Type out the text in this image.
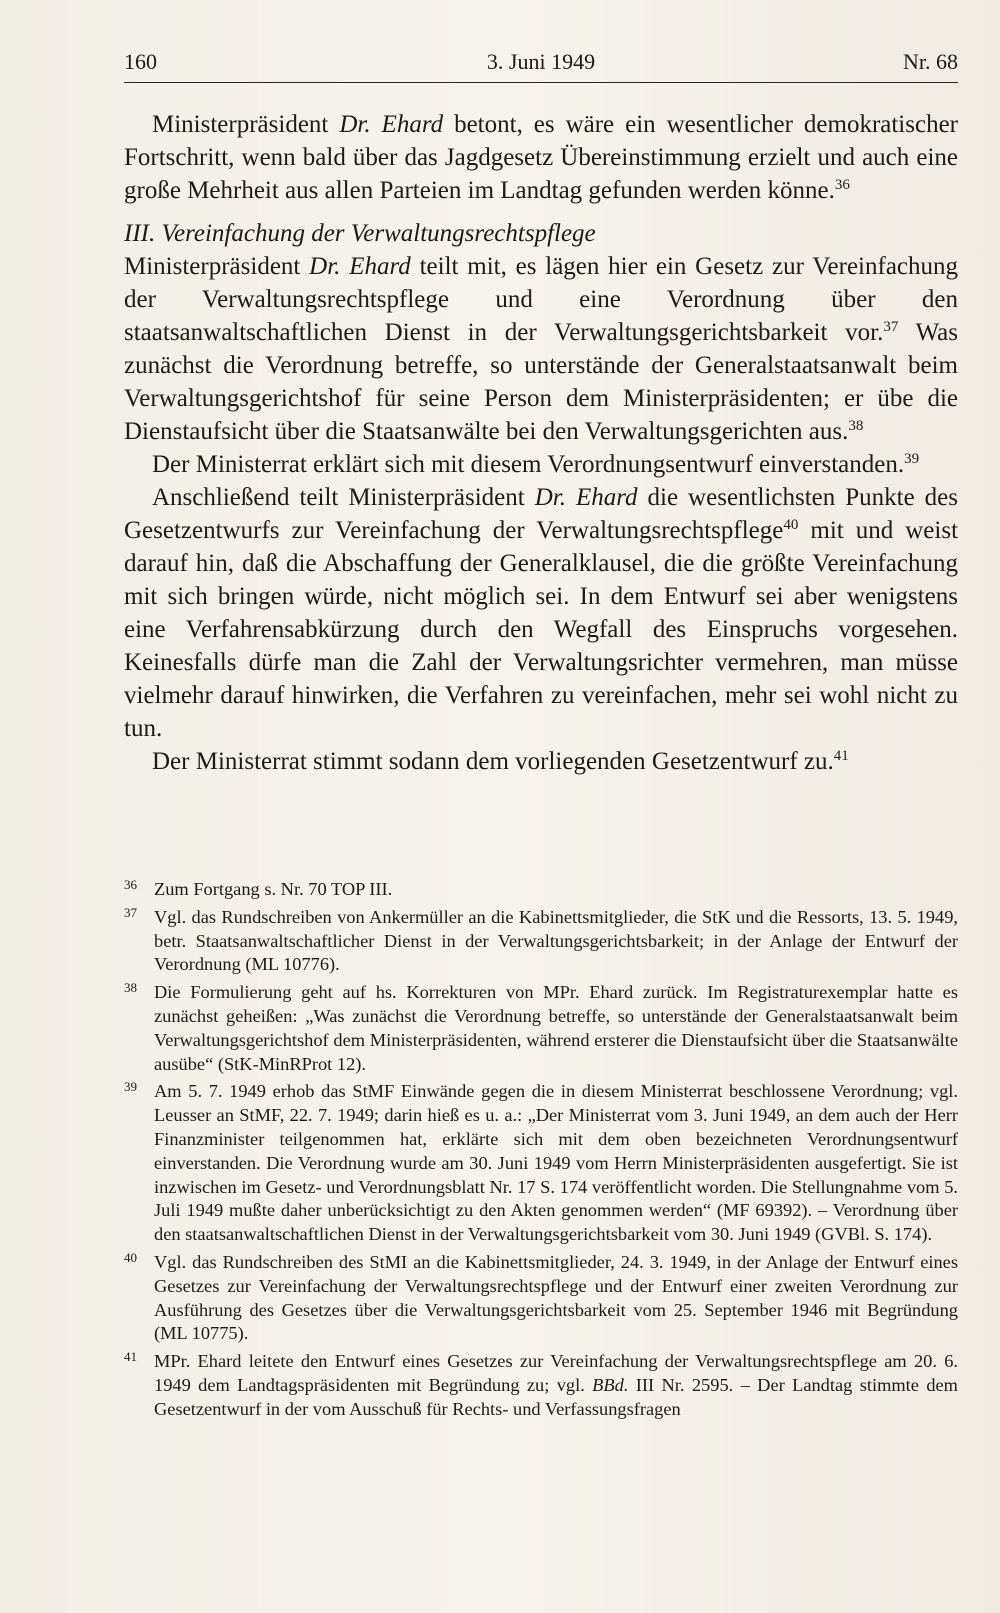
160	3. Juni 1949	Nr. 68

Ministerpräsident Dr. Ehard betont, es wäre ein wesentlicher demokratischer Fortschritt, wenn bald über das Jagdgesetz Übereinstimmung erzielt und auch eine große Mehrheit aus allen Parteien im Landtag gefunden werden könne.$^{36}$

III. Vereinfachung der Verwaltungsrechtspflege

Ministerpräsident Dr. Ehard teilt mit, es lägen hier ein Gesetz zur Vereinfachung der Verwaltungsrechtspflege und eine Verordnung über den staatsanwaltschaftlichen Dienst in der Verwaltungsgerichtsbarkeit vor.$^{37}$ Was zunächst die Verordnung betreffe, so unterstände der Generalstaatsanwalt beim Verwaltungsgerichtshof für seine Person dem Ministerpräsidenten; er übe die Dienstaufsicht über die Staatsanwälte bei den Verwaltungsgerichten aus.$^{38}$

Der Ministerrat erklärt sich mit diesem Verordnungsentwurf einverstanden.$^{39}$

Anschließend teilt Ministerpräsident Dr. Ehard die wesentlichsten Punkte des Gesetzentwurfs zur Vereinfachung der Verwaltungsrechtspflege$^{40}$ mit und weist darauf hin, daß die Abschaffung der Generalklausel, die die größte Vereinfachung mit sich bringen würde, nicht möglich sei. In dem Entwurf sei aber wenigstens eine Verfahrensabkürzung durch den Wegfall des Einspruchs vorgesehen. Keinesfalls dürfe man die Zahl der Verwaltungsrichter vermehren, man müsse vielmehr darauf hinwirken, die Verfahren zu vereinfachen, mehr sei wohl nicht zu tun.

Der Ministerrat stimmt sodann dem vorliegenden Gesetzentwurf zu.$^{41}$

36 Zum Fortgang s. Nr. 70 TOP III.
37 Vgl. das Rundschreiben von Ankermüller an die Kabinettsmitglieder, die StK und die Ressorts, 13. 5. 1949, betr. Staatsanwaltschaftlicher Dienst in der Verwaltungsgerichtsbarkeit; in der Anlage der Entwurf der Verordnung (ML 10776).
38 Die Formulierung geht auf hs. Korrekturen von MPr. Ehard zurück. Im Registraturexemplar hatte es zunächst geheißen: „Was zunächst die Verordnung betreffe, so unterstände der Generalstaatsanwalt beim Verwaltungsgerichtshof dem Ministerpräsidenten, während ersterer die Dienstaufsicht über die Staatsanwälte ausübe“ (StK-MinRProt 12).
39 Am 5. 7. 1949 erhob das StMF Einwände gegen die in diesem Ministerrat beschlossene Verordnung; vgl. Leusser an StMF, 22. 7. 1949; darin hieß es u. a.: „Der Ministerrat vom 3. Juni 1949, an dem auch der Herr Finanzminister teilgenommen hat, erklärte sich mit dem oben bezeichneten Verordnungsentwurf einverstanden. Die Verordnung wurde am 30. Juni 1949 vom Herrn Ministerpräsidenten ausgefertigt. Sie ist inzwischen im Gesetz- und Verordnungsblatt Nr. 17 S. 174 veröffentlicht worden. Die Stellungnahme vom 5. Juli 1949 mußte daher unberücksichtigt zu den Akten genommen werden“ (MF 69392). – Verordnung über den staatsanwaltschaftlichen Dienst in der Verwaltungsgerichtsbarkeit vom 30. Juni 1949 (GVBl. S. 174).
40 Vgl. das Rundschreiben des StMI an die Kabinettsmitglieder, 24. 3. 1949, in der Anlage der Entwurf eines Gesetzes zur Vereinfachung der Verwaltungsrechtspflege und der Entwurf einer zweiten Verordnung zur Ausführung des Gesetzes über die Verwaltungsgerichtsbarkeit vom 25. September 1946 mit Begründung (ML 10775).
41 MPr. Ehard leitete den Entwurf eines Gesetzes zur Vereinfachung der Verwaltungsrechtspflege am 20. 6. 1949 dem Landtagspräsidenten mit Begründung zu; vgl. BBd. III Nr. 2595. – Der Landtag stimmte dem Gesetzentwurf in der vom Ausschuß für Rechts- und Verfassungsfragen
